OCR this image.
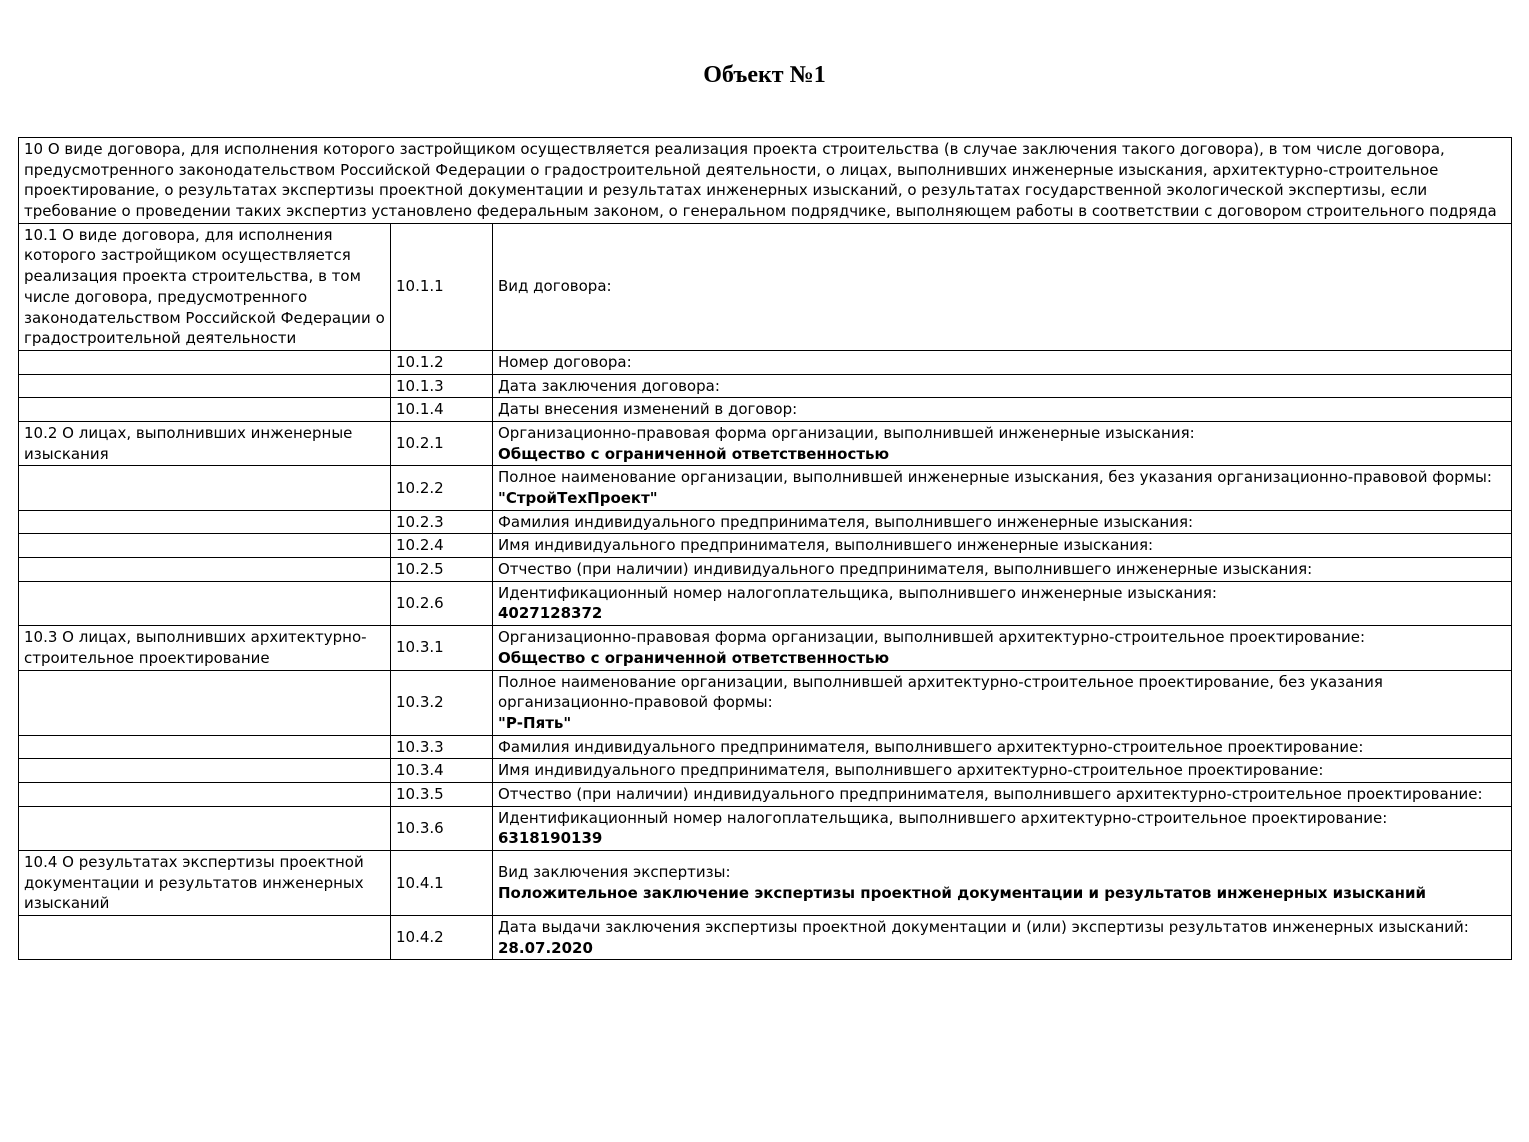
Объект №1
10 О виде договора, для исполнения которого застройщиком осуществляется реализация проекта строительства (в случае заключения такого договора), в том числе договора, предусмотренного законодательством Российской Федерации о градостроительной деятельности, о лицах, выполнивших инженерные изыскания, архитектурно-строительное проектирование, о результатах экспертизы проектной документации и результатах инженерных изысканий, о результатах государственной экологической экспертизы, если требование о проведении таких экспертиз установлено федеральным законом, о генеральном подрядчике, выполняющем работы в соответствии с договором строительного подряда		
10.1 О виде договора, для исполнения которого застройщиком осуществляется реализация проекта строительства, в том числе договора, предусмотренного законодательством Российской Федерации о градостроительной деятельности	10.1.1	Вид договора:

	10.1.2	Номер договора:

	10.1.3	Дата заключения договора:

	10.1.4	Даты внесения изменений в договор:

10.2 О лицах, выполнивших инженерные изыскания	10.2.1	Организационно-правовая форма организации, выполнившей инженерные изыскания:
Общество с ограниченной ответственностью

	10.2.2	Полное наименование организации, выполнившей инженерные изыскания, без указания организационно-правовой формы:
"СтройТехПроект"

	10.2.3	Фамилия индивидуального предпринимателя, выполнившего инженерные изыскания:

	10.2.4	Имя индивидуального предпринимателя, выполнившего инженерные изыскания:

	10.2.5	Отчество (при наличии) индивидуального предпринимателя, выполнившего инженерные изыскания:

	10.2.6	Идентификационный номер налогоплательщика, выполнившего инженерные изыскания:
4027128372

10.3 О лицах, выполнивших архитектурно-строительное проектирование	10.3.1	Организационно-правовая форма организации, выполнившей архитектурно-строительное проектирование:
Общество с ограниченной ответственностью

	10.3.2	Полное наименование организации, выполнившей архитектурно-строительное проектирование, без указания организационно-правовой формы:
"Р-Пять"

	10.3.3	Фамилия индивидуального предпринимателя, выполнившего архитектурно-строительное проектирование:

	10.3.4	Имя индивидуального предпринимателя, выполнившего архитектурно-строительное проектирование:

	10.3.5	Отчество (при наличии) индивидуального предпринимателя, выполнившего архитектурно-строительное проектирование:

	10.3.6	Идентификационный номер налогоплательщика, выполнившего архитектурно-строительное проектирование:
6318190139

10.4 О результатах экспертизы проектной документации и результатов инженерных изысканий	10.4.1	Вид заключения экспертизы:
Положительное заключение экспертизы проектной документации и результатов инженерных изысканий

	10.4.2	Дата выдачи заключения экспертизы проектной документации и (или) экспертизы результатов инженерных изысканий:
28.07.2020
